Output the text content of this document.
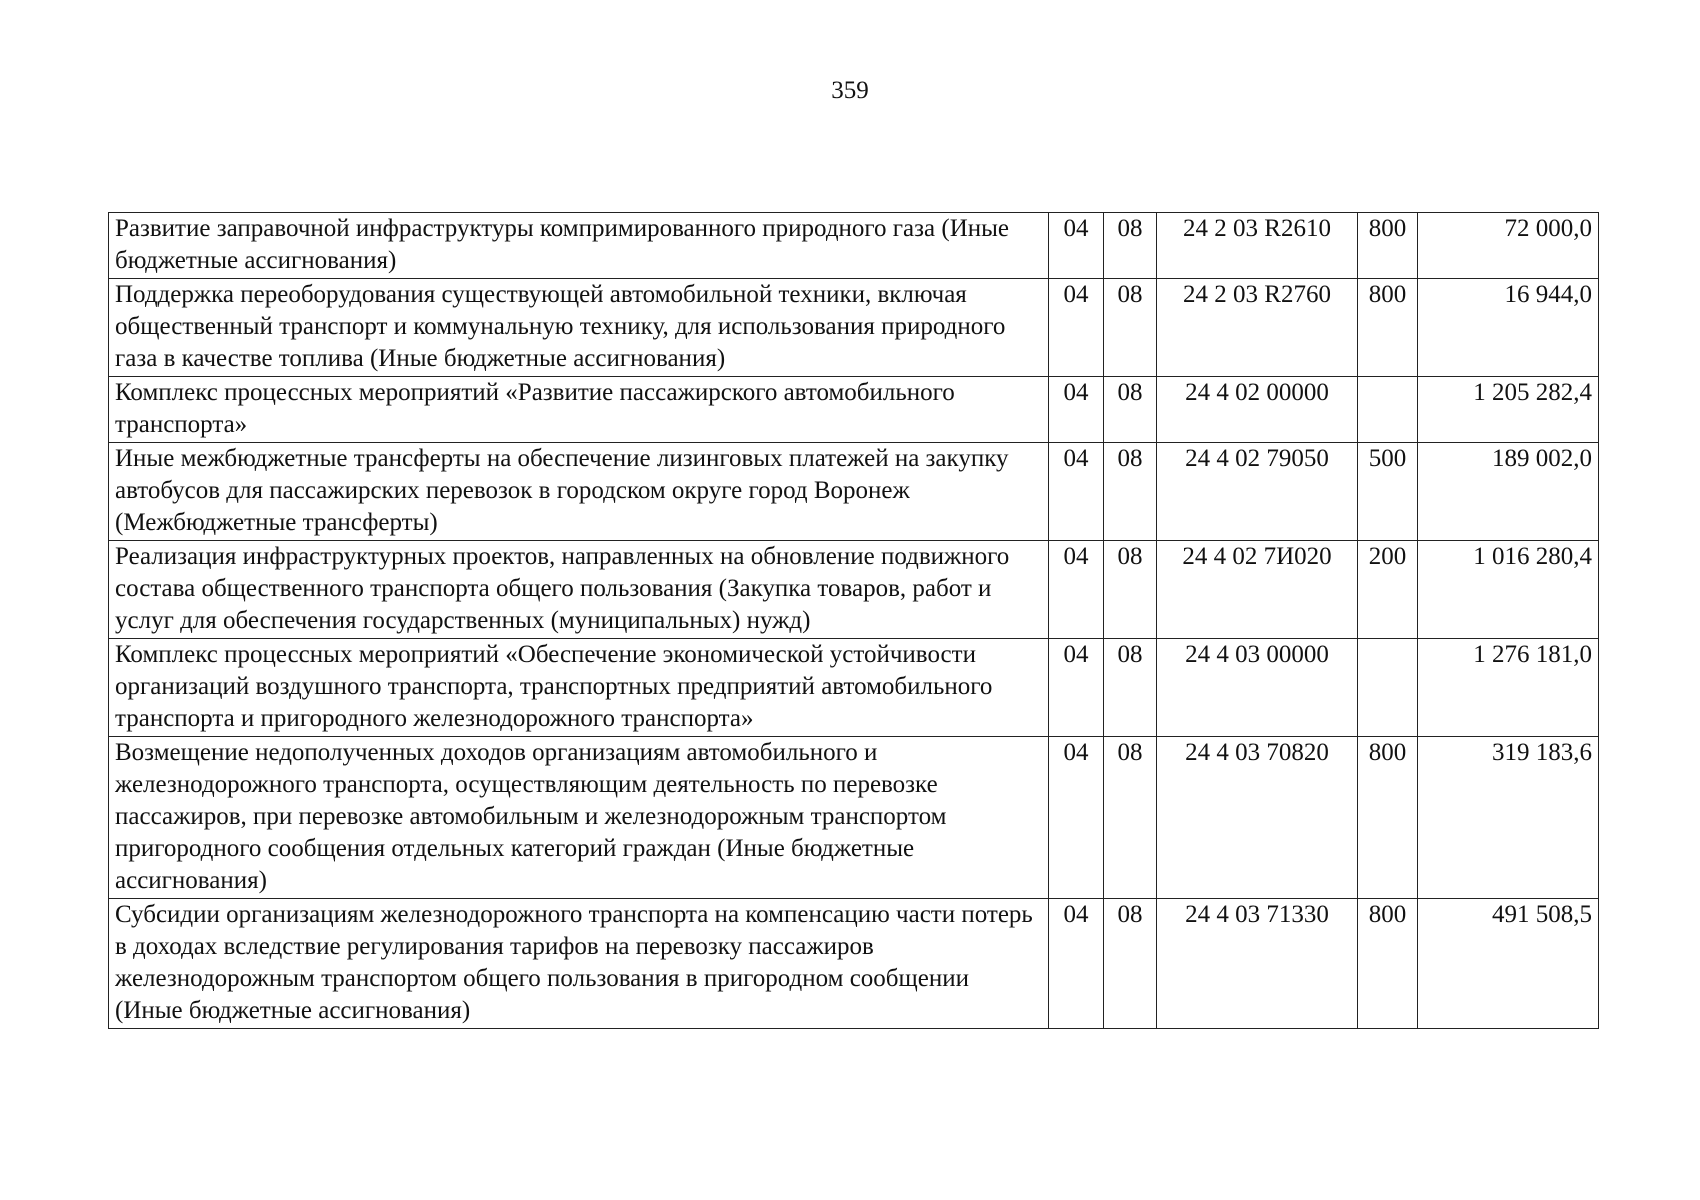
359
Развитие заправочной инфраструктуры компримированного природного газа (Иные бюджетные ассигнования)	04	08	24 2 03 R2610	800	72 000,0
Поддержка переоборудования существующей автомобильной техники, включая общественный транспорт и коммунальную технику, для использования природного газа в качестве топлива (Иные бюджетные ассигнования)	04	08	24 2 03 R2760	800	16 944,0
Комплекс процессных мероприятий «Развитие пассажирского автомобильного транспорта»	04	08	24 4 02 00000		1 205 282,4
Иные межбюджетные трансферты на обеспечение лизинговых платежей на закупку автобусов для пассажирских перевозок в городском округе город Воронеж (Межбюджетные трансферты)	04	08	24 4 02 79050	500	189 002,0
Реализация инфраструктурных проектов, направленных на обновление подвижного состава общественного транспорта общего пользования (Закупка товаров, работ и услуг для обеспечения государственных (муниципальных) нужд)	04	08	24 4 02 7И020	200	1 016 280,4
Комплекс процессных мероприятий «Обеспечение экономической устойчивости организаций воздушного транспорта, транспортных предприятий автомобильного транспорта и пригородного железнодорожного транспорта»	04	08	24 4 03 00000		1 276 181,0
Возмещение недополученных доходов организациям автомобильного и железнодорожного транспорта, осуществляющим деятельность по перевозке пассажиров, при перевозке автомобильным и железнодорожным транспортом пригородного сообщения отдельных категорий граждан (Иные бюджетные ассигнования)	04	08	24 4 03 70820	800	319 183,6
Субсидии организациям железнодорожного транспорта на компенсацию части потерь в доходах вследствие регулирования тарифов на перевозку пассажиров железнодорожным транспортом общего пользования в пригородном сообщении (Иные бюджетные ассигнования)	04	08	24 4 03 71330	800	491 508,5
